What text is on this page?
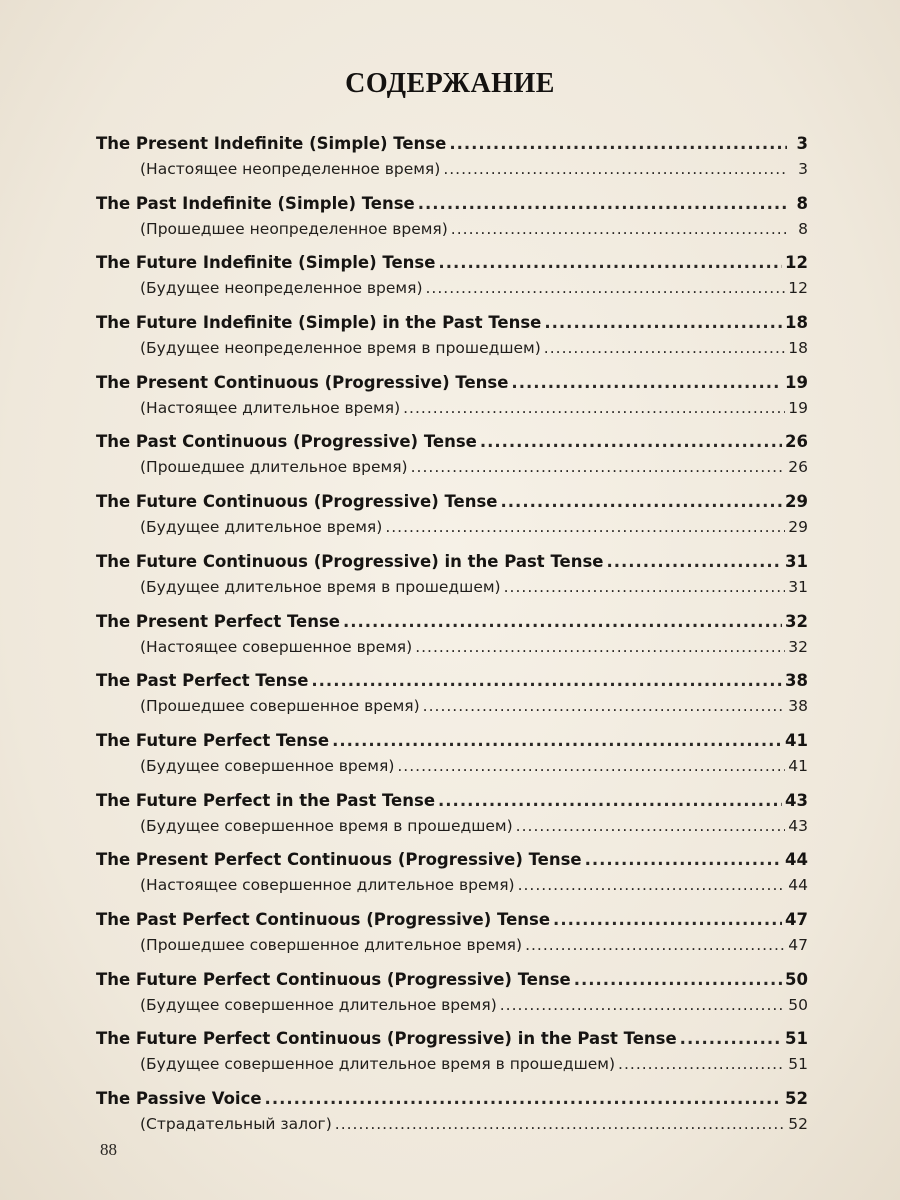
СОДЕРЖАНИЕ
The Present Indefinite (Simple) Tense .....	3
(Настоящее неопределенное время) .....	3
The Past Indefinite (Simple) Tense .....	8
(Прошедшее неопределенное время) .....	8
The Future Indefinite (Simple) Tense .....	12
(Будущее неопределенное время) .....	12
The Future Indefinite (Simple) in the Past Tense .....	18
(Будущее неопределенное время в прошедшем) .....	18
The Present Continuous (Progressive) Tense .....	19
(Настоящее длительное время) .....	19
The Past Continuous (Progressive) Tense .....	26
(Прошедшее длительное время) .....	26
The Future Continuous (Progressive) Tense .....	29
(Будущее длительное время) .....	29
The Future Continuous (Progressive) in the Past Tense .....	31
(Будущее длительное время в прошедшем) .....	31
The Present Perfect Tense .....	32
(Настоящее совершенное время) .....	32
The Past Perfect Tense .....	38
(Прошедшее совершенное время) .....	38
The Future Perfect Tense .....	41
(Будущее совершенное время) .....	41
The Future Perfect in the Past Tense .....	43
(Будущее совершенное время в прошедшем) .....	43
The Present Perfect Continuous (Progressive) Tense .....	44
(Настоящее совершенное длительное время) .....	44
The Past Perfect Continuous (Progressive) Tense .....	47
(Прошедшее совершенное длительное время) .....	47
The Future Perfect Continuous (Progressive) Tense .....	50
(Будущее совершенное длительное время) .....	50
The Future Perfect Continuous (Progressive) in the Past Tense .....	51
(Будущее совершенное длительное время в прошедшем) .....	51
The Passive Voice .....	52
(Страдательный залог) .....	52
88
